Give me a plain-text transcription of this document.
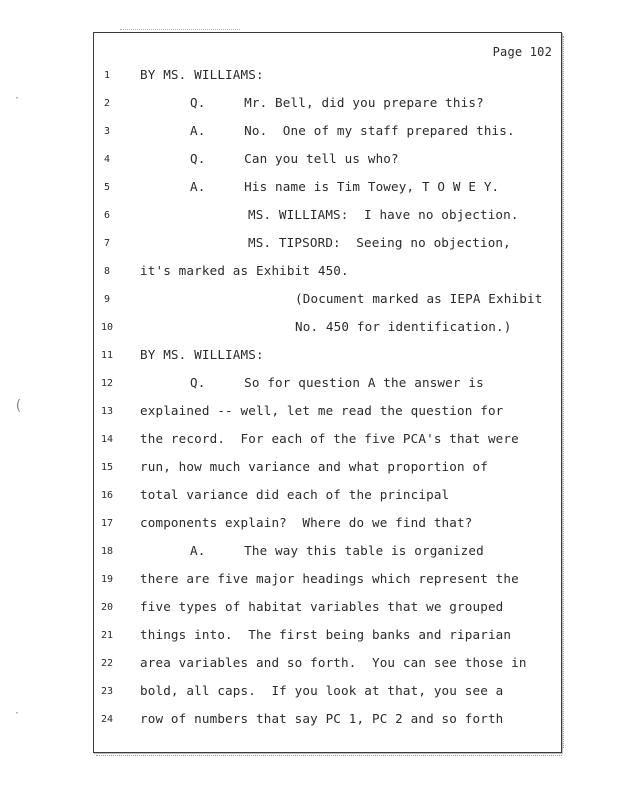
·
(
·
Page 102
1	BY MS. WILLIAMS:
2	Q.     Mr. Bell, did you prepare this?
3	A.     No.  One of my staff prepared this.
4	Q.     Can you tell us who?
5	A.     His name is Tim Towey, T O W E Y.
6	MS. WILLIAMS:  I have no objection.
7	MS. TIPSORD:  Seeing no objection,
8	it's marked as Exhibit 450.
9	(Document marked as IEPA Exhibit
10	No. 450 for identification.)
11	BY MS. WILLIAMS:
12	Q.     So for question A the answer is
13	explained -- well, let me read the question for
14	the record.  For each of the five PCA's that were
15	run, how much variance and what proportion of
16	total variance did each of the principal
17	components explain?  Where do we find that?
18	A.     The way this table is organized
19	there are five major headings which represent the
20	five types of habitat variables that we grouped
21	things into.  The first being banks and riparian
22	area variables and so forth.  You can see those in
23	bold, all caps.  If you look at that, you see a
24	row of numbers that say PC 1, PC 2 and so forth
